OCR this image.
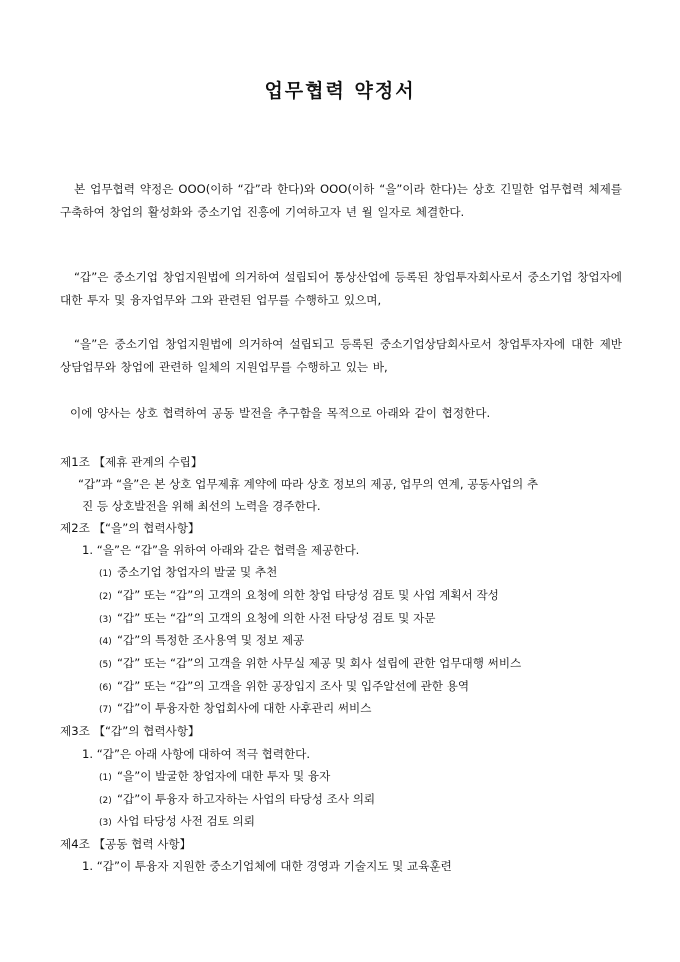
업무협력 약정서

본 업무협력 약정은 OOO(이하 “갑”라 한다)와 OOO(이하 “을”이라 한다)는 상호 긴밀한 업무협력 체제를 구축하여 창업의 활성화와 중소기업 진흥에 기여하고자 년 월 일자로 체결한다.

“갑”은 중소기업 창업지원법에 의거하여 설립되어 통상산업에 등록된 창업투자회사로서 중소기업 창업자에 대한 투자 및 융자업무와 그와 관련된 업무를 수행하고 있으며,

“을”은 중소기업 창업지원법에 의거하여 설립되고 등록된 중소기업상담회사로서 창업투자자에 대한 제반 상담업무와 창업에 관련하 일체의 지원업무를 수행하고 있는 바,

이에 양사는 상호 협력하여 공동 발전을 추구함을 목적으로 아래와 같이 협정한다.

제1조 【제휴 관계의 수립】
“갑”과 “을”은 본 상호 업무제휴 계약에 따라 상호 정보의 제공, 업무의 연계, 공동사업의 추
진 등 상호발전을 위해 최선의 노력을 경주한다.
제2조 【“을”의 협력사항】
1. “을”은 “갑”을 위하여 아래와 같은 협력을 제공한다.
(1) 중소기업 창업자의 발굴 및 추천
(2) “갑” 또는 “갑”의 고객의 요청에 의한 창업 타당성 검토 및 사업 계획서 작성
(3) “갑” 또는 “갑”의 고객의 요청에 의한 사전 타당성 검토 및 자문
(4) “갑”의 특정한 조사용역 및 정보 제공
(5) “갑” 또는 “갑”의 고객을 위한 사무실 제공 및 회사 설립에 관한 업무대행 써비스
(6) “갑” 또는 “갑”의 고객을 위한 공장입지 조사 및 입주알선에 관한 용역
(7) “갑”이 투융자한 창업회사에 대한 사후관리 써비스
제3조 【“갑”의 협력사항】
1. “갑”은 아래 사항에 대하여 적극 협력한다.
(1) “을”이 발굴한 창업자에 대한 투자 및 융자
(2) “갑”이 투융자 하고자하는 사업의 타당성 조사 의뢰
(3) 사업 타당성 사전 검토 의뢰
제4조 【공동 협력 사항】
1. “갑”이 투융자 지원한 중소기업체에 대한 경영과 기술지도 및 교육훈련
